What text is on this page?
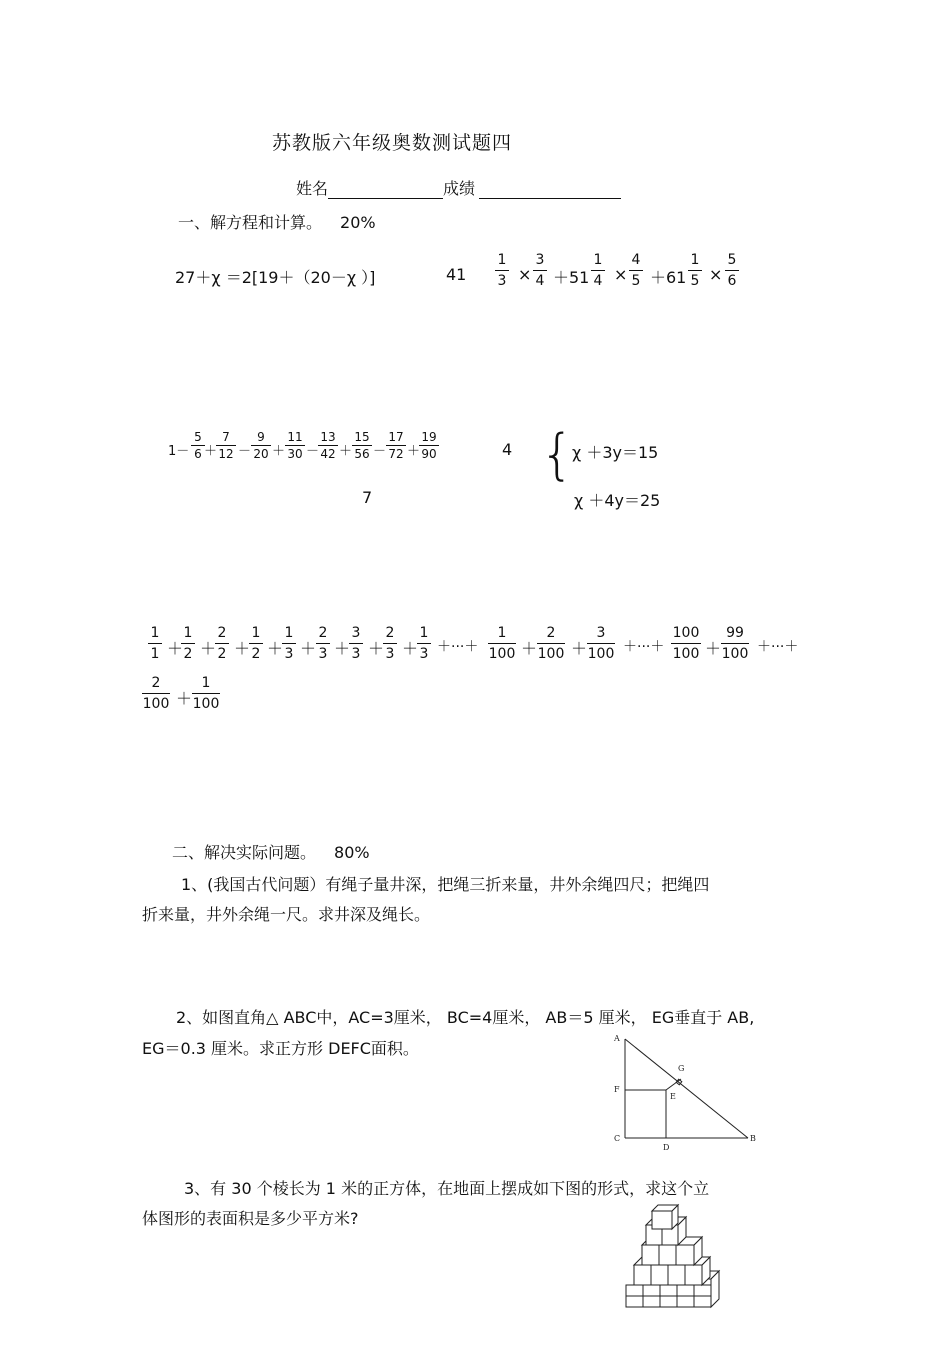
苏教版六年级奥数测试题四
姓名	成绩
一、解方程和计算。 20%
27＋χ ＝2[19＋（20－χ ）]	$41 \frac{1}{3} \times \frac{3}{4} +51 \frac{1}{4} \times \frac{4}{5} +61 \frac{1}{5} \times \frac{5}{6}$
$1- \frac{5}{6}$ ＋
$\frac{7}{12} - \frac{9}{20} + \frac{11}{30}$ －
$\frac{13}{42} + \frac{15}{56} - \frac{17}{72}$ ＋
$\frac{19}{90}$
7
4 {
χ ＋3y＝15
χ ＋4y＝25
$\frac{1}{1}$ ＋
$\frac{1}{2}$ ＋
$\frac{2}{2}$ ＋
$\frac{1}{2}$ ＋
$\frac{1}{3} + \frac{2}{3}$ ＋
$\frac{3}{3}$ ＋
$\frac{2}{3}$ ＋
$\frac{1}{3}$ ＋···＋ $\frac{1}{100} + \frac{2}{100} + \frac{3}{100}$ ＋···＋ $\frac{100}{100} + \frac{99}{100}$ ＋···＋
$\frac{2}{100} + \frac{1}{100}$
二、解决实际问题。 80%
1、(我国古代问题）有绳子量井深，把绳三折来量，井外余绳四尺；把绳四
折来量，井外余绳一尺。求井深及绳长。
2、如图直角△ ABC中，AC=3厘米， BC=4厘米， AB＝5 厘米， EG垂直于 AB,
EG＝0.3 厘米。求正方形 DEFC面积。
A
F
C
D
E
G
B
3、有 30 个棱长为 1 米的正方体，在地面上摆成如下图的形式，求这个立
体图形的表面积是多少平方米?
